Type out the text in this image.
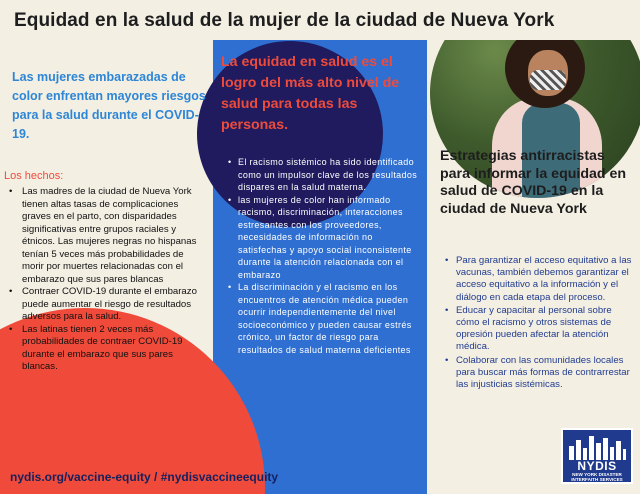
Equidad en la salud de la mujer de la ciudad de Nueva York

Las mujeres embarazadas de color enfrentan mayores riesgos para la salud durante el COVID-19.

Los hechos:

• Las madres de la ciudad de Nueva York tienen altas tasas de complicaciones graves en el parto, con disparidades significativas entre grupos raciales y étnicos. Las mujeres negras no hispanas tenían 5 veces más probabilidades de morir por muertes relacionadas con el embarazo que sus pares blancas
• Contraer COVID-19 durante el embarazo puede aumentar el riesgo de resultados adversos para la salud.
• Las latinas tienen 2 veces más probabilidades de contraer COVID-19 durante el embarazo que sus pares blancas.

La equidad en salud es el logro del más alto nivel de salud para todas las personas.

• El racismo sistémico ha sido identificado como un impulsor clave de los resultados dispares en la salud materna.
• las mujeres de color han informado racismo, discriminación, interacciones estresantes con los proveedores, necesidades de información no satisfechas y apoyo social inconsistente durante la atención relacionada con el embarazo
• La discriminación y el racismo en los encuentros de atención médica pueden ocurrir independientemente del nivel socioeconómico y pueden causar estrés crónico, un factor de riesgo para resultados de salud materna deficientes
Estrategias antirracistas para informar la equidad en salud de COVID-19 en la ciudad de Nueva York
• Para garantizar el acceso equitativo a las vacunas, también debemos garantizar el acceso equitativo a la información y el diálogo en cada etapa del proceso.
• Educar y capacitar al personal sobre cómo el racismo y otros sistemas de opresión pueden afectar la atención médica.
• Colaborar con las comunidades locales para buscar más formas de contrarrestar las injusticias sistémicas.
nydis.org/vaccine-equity / #nydisvaccineequity
NYDIS
NEW YORK DISASTER
INTERFAITH SERVICES
